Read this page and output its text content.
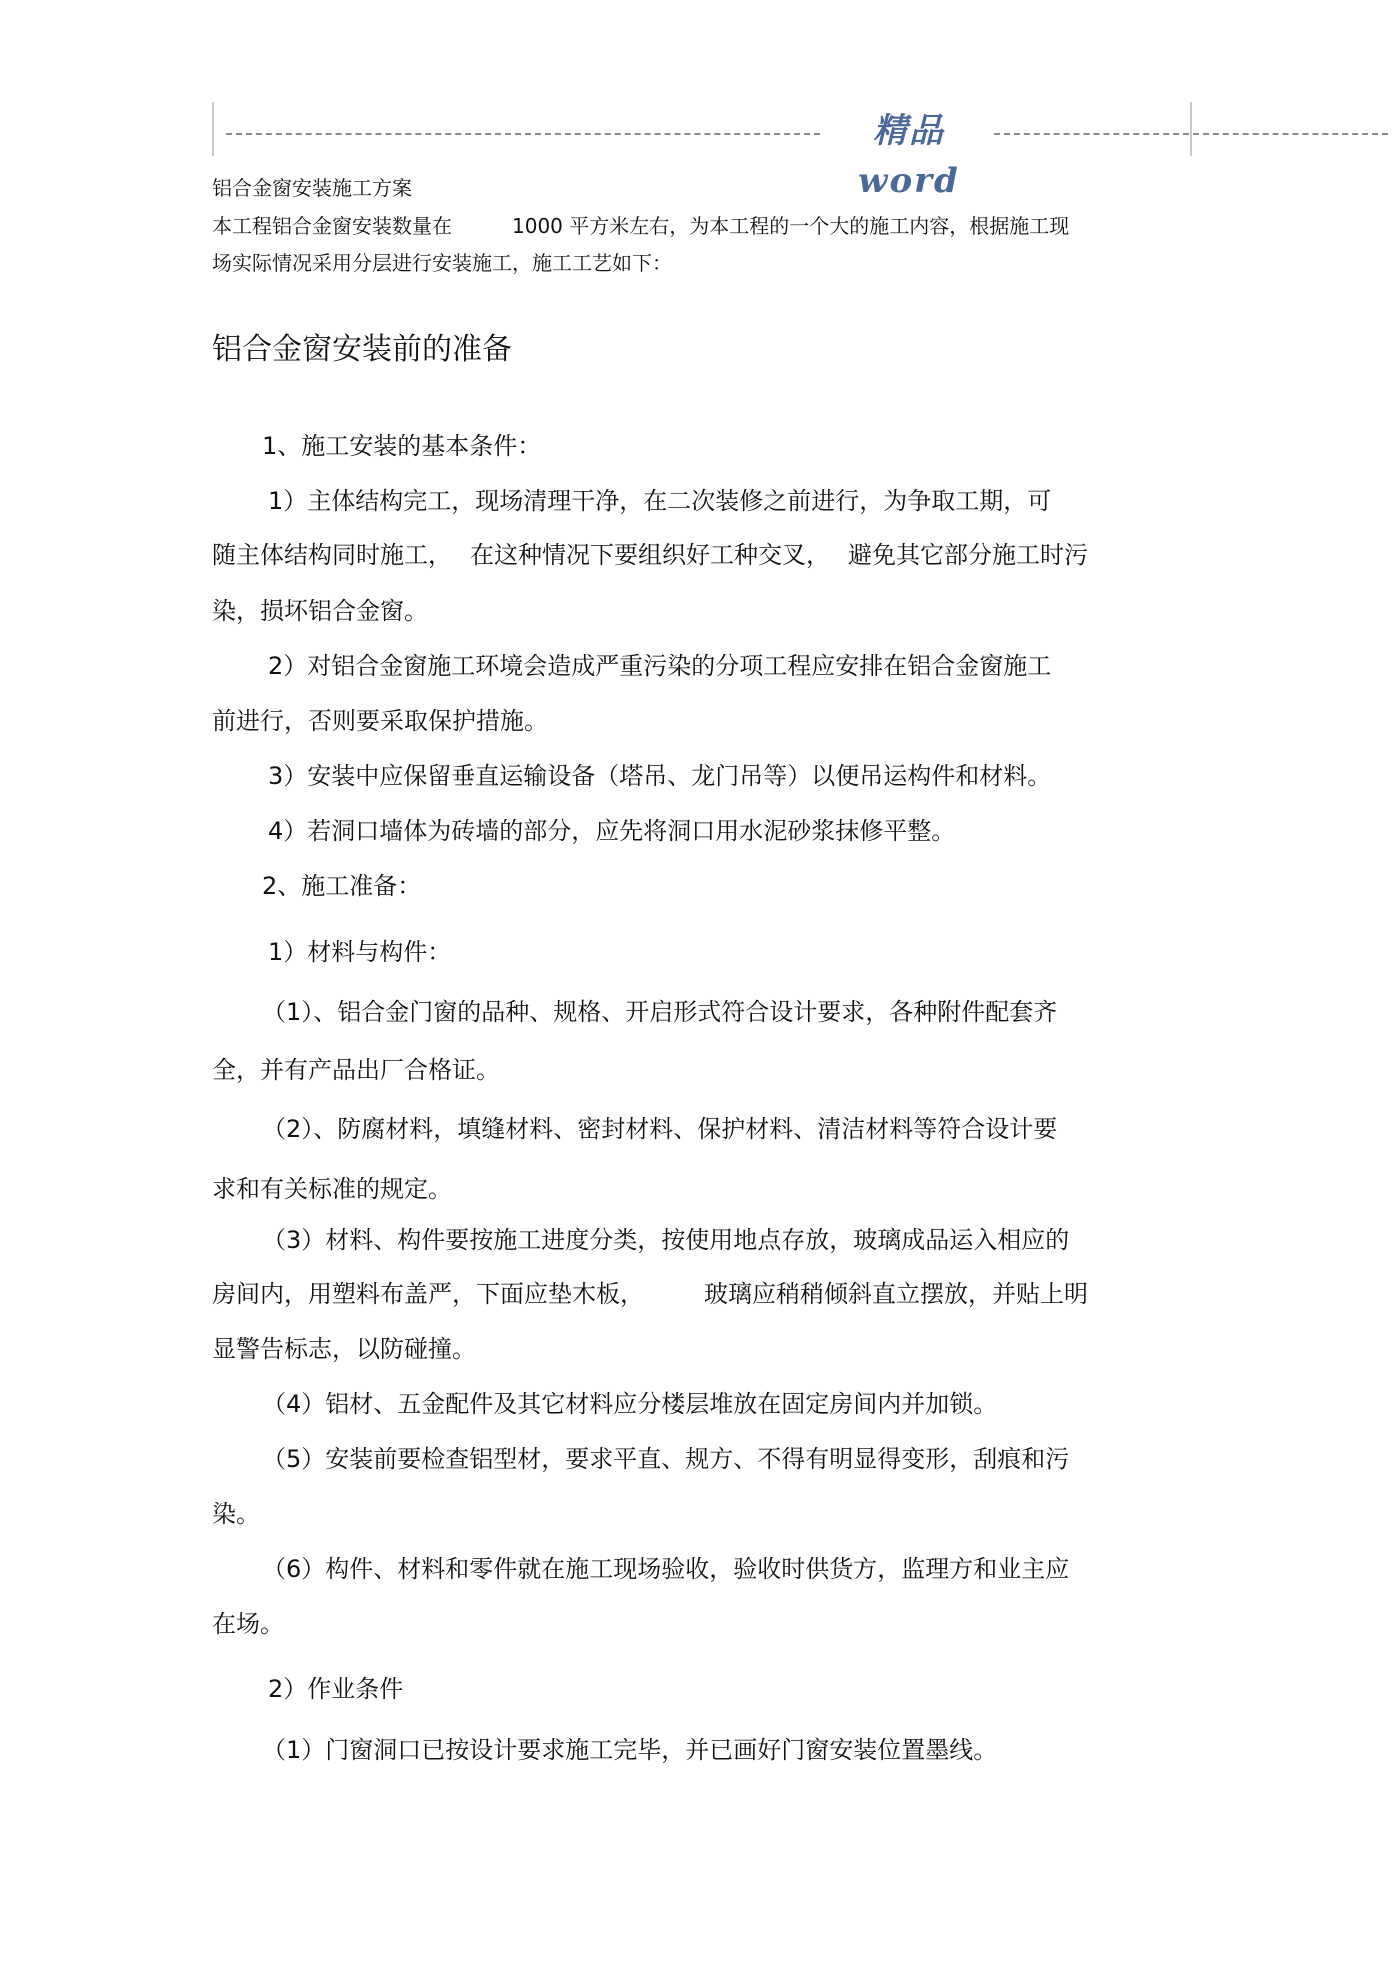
精品word
铝合金窗安装施工方案
本工程铝合金窗安装数量在	1000 平方米左右，为本工程的一个大的施工内容，根据施工现
场实际情况采用分层进行安装施工，施工工艺如下：
铝合金窗安装前的准备
1、施工安装的基本条件：
1）主体结构完工，现场清理干净，在二次装修之前进行，为争取工期，可
随主体结构同时施工， 在这种情况下要组织好工种交叉， 避免其它部分施工时污
染，损坏铝合金窗。
2）对铝合金窗施工环境会造成严重污染的分项工程应安排在铝合金窗施工
前进行，否则要采取保护措施。
3）安装中应保留垂直运输设备（塔吊、龙门吊等）以便吊运构件和材料。
4）若洞口墙体为砖墙的部分，应先将洞口用水泥砂浆抹修平整。
2、施工准备：
1）材料与构件：
（1）、铝合金门窗的品种、规格、开启形式符合设计要求，各种附件配套齐
全，并有产品出厂合格证。
（2）、防腐材料，填缝材料、密封材料、保护材料、清洁材料等符合设计要
求和有关标准的规定。
（3）材料、构件要按施工进度分类，按使用地点存放，玻璃成品运入相应的
房间内，用塑料布盖严，下面应垫木板，	玻璃应稍稍倾斜直立摆放，并贴上明
显警告标志，以防碰撞。
（4）铝材、五金配件及其它材料应分楼层堆放在固定房间内并加锁。
（5）安装前要检查铝型材，要求平直、规方、不得有明显得变形，刮痕和污
染。
（6）构件、材料和零件就在施工现场验收，验收时供货方，监理方和业主应
在场。
2）作业条件
（1）门窗洞口已按设计要求施工完毕，并已画好门窗安装位置墨线。
